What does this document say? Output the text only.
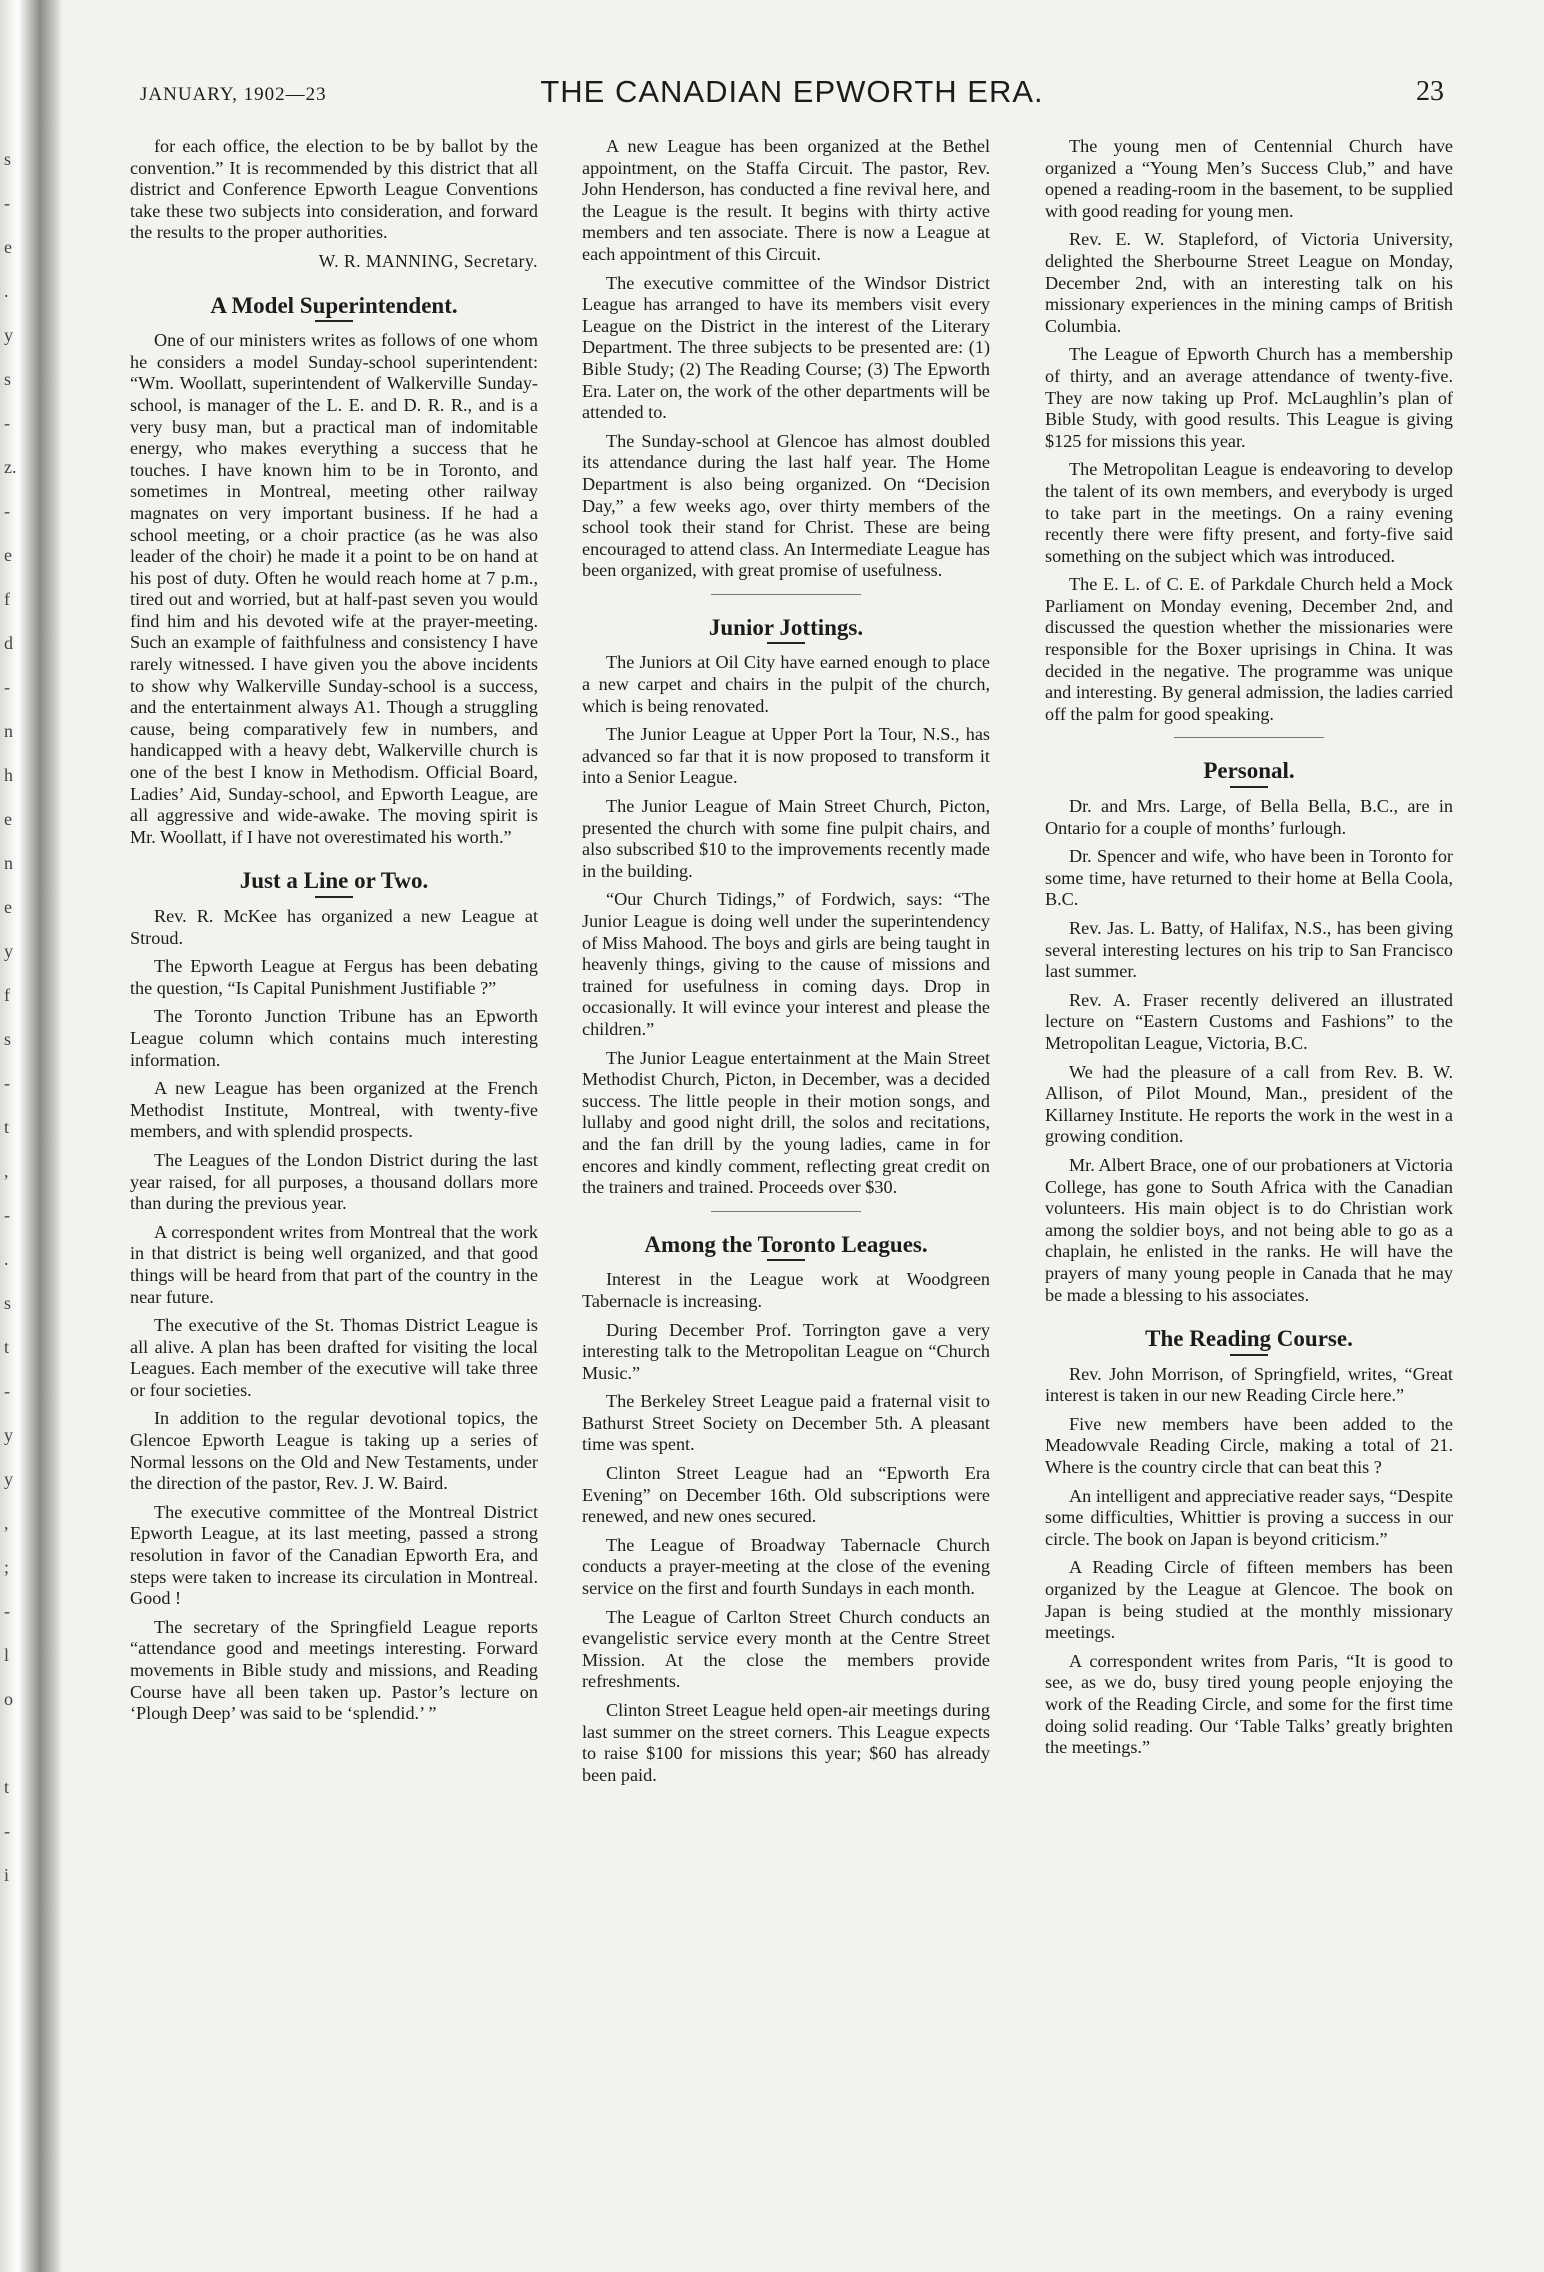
s
-
e
.
y
s
-
z.
-
e
f
d
-
n
h
e
n
e
y
f
s
-
t
,
-
.
s
t
-
y
y
,
;
-
l
o
t
-
i
JANUARY, 1902—23	THE CANADIAN EPWORTH ERA.	23

for each office, the election to be by ballot by the convention.” It is recommended by this district that all district and Conference Epworth League Conventions take these two subjects into consideration, and forward the results to the proper authorities.

W. R. MANNING, Secretary.

A Model Superintendent.

One of our ministers writes as follows of one whom he considers a model Sunday-school superintendent: “Wm. Woollatt, superintendent of Walkerville Sunday-school, is manager of the L. E. and D. R. R., and is a very busy man, but a practical man of indomitable energy, who makes everything a success that he touches. I have known him to be in Toronto, and sometimes in Montreal, meeting other railway magnates on very important business. If he had a school meeting, or a choir practice (as he was also leader of the choir) he made it a point to be on hand at his post of duty. Often he would reach home at 7 p.m., tired out and worried, but at half-past seven you would find him and his devoted wife at the prayer-meeting. Such an example of faithfulness and consistency I have rarely witnessed. I have given you the above incidents to show why Walkerville Sunday-school is a success, and the entertainment always A1. Though a struggling cause, being comparatively few in numbers, and handicapped with a heavy debt, Walkerville church is one of the best I know in Methodism. Official Board, Ladies’ Aid, Sunday-school, and Epworth League, are all aggressive and wide-awake. The moving spirit is Mr. Woollatt, if I have not overestimated his worth.”

Just a Line or Two.

Rev. R. McKee has organized a new League at Stroud.

The Epworth League at Fergus has been debating the question, “Is Capital Punishment Justifiable ?”

The Toronto Junction Tribune has an Epworth League column which contains much interesting information.

A new League has been organized at the French Methodist Institute, Montreal, with twenty-five members, and with splendid prospects.

The Leagues of the London District during the last year raised, for all purposes, a thousand dollars more than during the previous year.

A correspondent writes from Montreal that the work in that district is being well organized, and that good things will be heard from that part of the country in the near future.

The executive of the St. Thomas District League is all alive. A plan has been drafted for visiting the local Leagues. Each member of the executive will take three or four societies.

In addition to the regular devotional topics, the Glencoe Epworth League is taking up a series of Normal lessons on the Old and New Testaments, under the direction of the pastor, Rev. J. W. Baird.

The executive committee of the Montreal District Epworth League, at its last meeting, passed a strong resolution in favor of the Canadian Epworth Era, and steps were taken to increase its circulation in Montreal. Good !

The secretary of the Springfield League reports “attendance good and meetings interesting. Forward movements in Bible study and missions, and Reading Course have all been taken up. Pastor’s lecture on ‘Plough Deep’ was said to be ‘splendid.’ ”

A new League has been organized at the Bethel appointment, on the Staffa Circuit. The pastor, Rev. John Henderson, has conducted a fine revival here, and the League is the result. It begins with thirty active members and ten associate. There is now a League at each appointment of this Circuit.

The executive committee of the Windsor District League has arranged to have its members visit every League on the District in the interest of the Literary Department. The three subjects to be presented are: (1) Bible Study; (2) The Reading Course; (3) The Epworth Era. Later on, the work of the other departments will be attended to.

The Sunday-school at Glencoe has almost doubled its attendance during the last half year. The Home Department is also being organized. On “Decision Day,” a few weeks ago, over thirty members of the school took their stand for Christ. These are being encouraged to attend class. An Intermediate League has been organized, with great promise of usefulness.

Junior Jottings.

The Juniors at Oil City have earned enough to place a new carpet and chairs in the pulpit of the church, which is being renovated.

The Junior League at Upper Port la Tour, N.S., has advanced so far that it is now proposed to transform it into a Senior League.

The Junior League of Main Street Church, Picton, presented the church with some fine pulpit chairs, and also subscribed $10 to the improvements recently made in the building.

“Our Church Tidings,” of Fordwich, says: “The Junior League is doing well under the superintendency of Miss Mahood. The boys and girls are being taught in heavenly things, giving to the cause of missions and trained for usefulness in coming days. Drop in occasionally. It will evince your interest and please the children.”

The Junior League entertainment at the Main Street Methodist Church, Picton, in December, was a decided success. The little people in their motion songs, and lullaby and good night drill, the solos and recitations, and the fan drill by the young ladies, came in for encores and kindly comment, reflecting great credit on the trainers and trained. Proceeds over $30.

Among the Toronto Leagues.

Interest in the League work at Woodgreen Tabernacle is increasing.

During December Prof. Torrington gave a very interesting talk to the Metropolitan League on “Church Music.”

The Berkeley Street League paid a fraternal visit to Bathurst Street Society on December 5th. A pleasant time was spent.

Clinton Street League had an “Epworth Era Evening” on December 16th. Old subscriptions were renewed, and new ones secured.

The League of Broadway Tabernacle Church conducts a prayer-meeting at the close of the evening service on the first and fourth Sundays in each month.

The League of Carlton Street Church conducts an evangelistic service every month at the Centre Street Mission. At the close the members provide refreshments.

Clinton Street League held open-air meetings during last summer on the street corners. This League expects to raise $100 for missions this year; $60 has already been paid.

The young men of Centennial Church have organized a “Young Men’s Success Club,” and have opened a reading-room in the basement, to be supplied with good reading for young men.

Rev. E. W. Stapleford, of Victoria University, delighted the Sherbourne Street League on Monday, December 2nd, with an interesting talk on his missionary experiences in the mining camps of British Columbia.

The League of Epworth Church has a membership of thirty, and an average attendance of twenty-five. They are now taking up Prof. McLaughlin’s plan of Bible Study, with good results. This League is giving $125 for missions this year.

The Metropolitan League is endeavoring to develop the talent of its own members, and everybody is urged to take part in the meetings. On a rainy evening recently there were fifty present, and forty-five said something on the subject which was introduced.

The E. L. of C. E. of Parkdale Church held a Mock Parliament on Monday evening, December 2nd, and discussed the question whether the missionaries were responsible for the Boxer uprisings in China. It was decided in the negative. The programme was unique and interesting. By general admission, the ladies carried off the palm for good speaking.

Personal.

Dr. and Mrs. Large, of Bella Bella, B.C., are in Ontario for a couple of months’ furlough.

Dr. Spencer and wife, who have been in Toronto for some time, have returned to their home at Bella Coola, B.C.

Rev. Jas. L. Batty, of Halifax, N.S., has been giving several interesting lectures on his trip to San Francisco last summer.

Rev. A. Fraser recently delivered an illustrated lecture on “Eastern Customs and Fashions” to the Metropolitan League, Victoria, B.C.

We had the pleasure of a call from Rev. B. W. Allison, of Pilot Mound, Man., president of the Killarney Institute. He reports the work in the west in a growing condition.

Mr. Albert Brace, one of our probationers at Victoria College, has gone to South Africa with the Canadian volunteers. His main object is to do Christian work among the soldier boys, and not being able to go as a chaplain, he enlisted in the ranks. He will have the prayers of many young people in Canada that he may be made a blessing to his associates.

The Reading Course.

Rev. John Morrison, of Springfield, writes, “Great interest is taken in our new Reading Circle here.”

Five new members have been added to the Meadowvale Reading Circle, making a total of 21. Where is the country circle that can beat this ?

An intelligent and appreciative reader says, “Despite some difficulties, Whittier is proving a success in our circle. The book on Japan is beyond criticism.”

A Reading Circle of fifteen members has been organized by the League at Glencoe. The book on Japan is being studied at the monthly missionary meetings.

A correspondent writes from Paris, “It is good to see, as we do, busy tired young people enjoying the work of the Reading Circle, and some for the first time doing solid reading. Our ‘Table Talks’ greatly brighten the meetings.”
